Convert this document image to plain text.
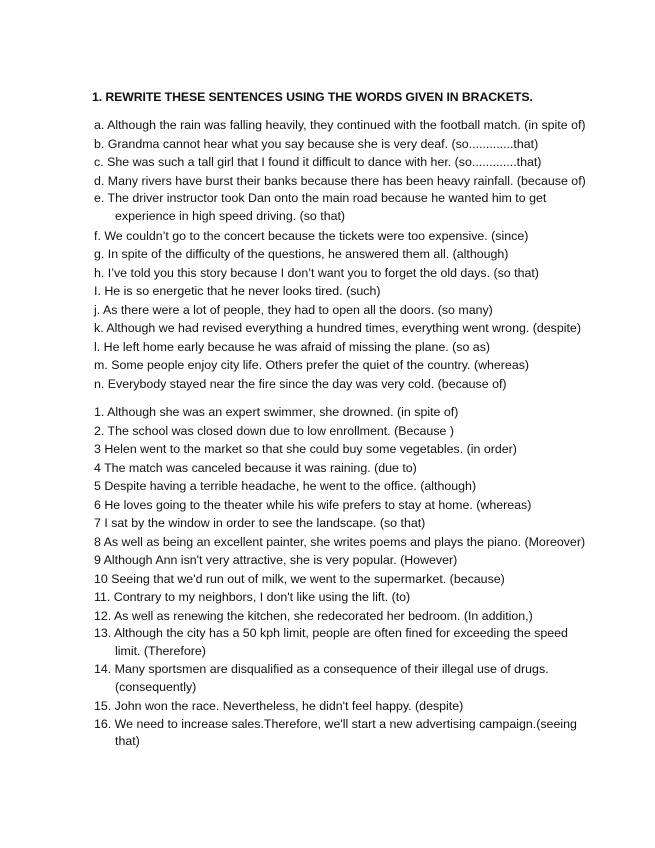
1. REWRITE THESE SENTENCES USING THE WORDS GIVEN IN BRACKETS.
a. Although the rain was falling heavily, they continued with the football match. (in spite of)
b. Grandma cannot hear what you say because she is very deaf. (so.............that)
c. She was such a tall girl that I found it difficult to dance with her. (so.............that)
d. Many rivers have burst their banks because there has been heavy rainfall. (because of)
e. The driver instructor took Dan onto the main road because he wanted him to get
experience in high speed driving. (so that)
f. We couldn’t go to the concert because the tickets were too expensive. (since)
g. In spite of the difficulty of the questions, he answered them all. (although)
h. I’ve told you this story because I don’t want you to forget the old days. (so that)
I. He is so energetic that he never looks tired. (such)
j. As there were a lot of people, they had to open all the doors. (so many)
k. Although we had revised everything a hundred times, everything went wrong. (despite)
l. He left home early because he was afraid of missing the plane. (so as)
m. Some people enjoy city life. Others prefer the quiet of the country. (whereas)
n. Everybody stayed near the fire since the day was very cold. (because of)
1. Although she was an expert swimmer, she drowned. (in spite of)
2. The school was closed down due to low enrollment. (Because )
3 Helen went to the market so that she could buy some vegetables. (in order)
4 The match was canceled because it was raining. (due to)
5 Despite having a terrible headache, he went to the office. (although)
6 He loves going to the theater while his wife prefers to stay at home. (whereas)
7 I sat by the window in order to see the landscape. (so that)
8 As well as being an excellent painter, she writes poems and plays the piano. (Moreover)
9 Although Ann isn't very attractive, she is very popular. (However)
10 Seeing that we'd run out of milk, we went to the supermarket. (because)
11. Contrary to my neighbors, I don't like using the lift. (to)
12. As well as renewing the kitchen, she redecorated her bedroom. (In addition,)
13. Although the city has a 50 kph limit, people are often fined for exceeding the speed
limit. (Therefore)
14. Many sportsmen are disqualified as a consequence of their illegal use of drugs.
(consequently)
15. John won the race. Nevertheless, he didn't feel happy. (despite)
16. We need to increase sales.Therefore, we'll start a new advertising campaign.(seeing
that)
